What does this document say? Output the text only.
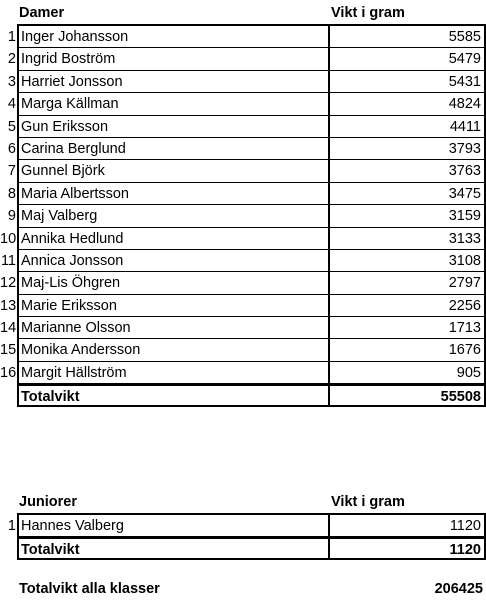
Damer	Vikt i gram
1 Inger Johansson	5585
2 Ingrid Boström	5479
3 Harriet Jonsson	5431
4 Marga Källman	4824
5 Gun Eriksson	4411
6 Carina Berglund	3793
7 Gunnel Björk	3763
8 Maria Albertsson	3475
9 Maj Valberg	3159
10 Annika Hedlund	3133
11 Annica Jonsson	3108
12 Maj-Lis Öhgren	2797
13 Marie Eriksson	2256
14 Marianne Olsson	1713
15 Monika Andersson	1676
16 Margit Hällström	905
Totalvikt	55508
Juniorer	Vikt i gram
1 Hannes Valberg	1120
Totalvikt	1120
Totalvikt alla klasser	206425
